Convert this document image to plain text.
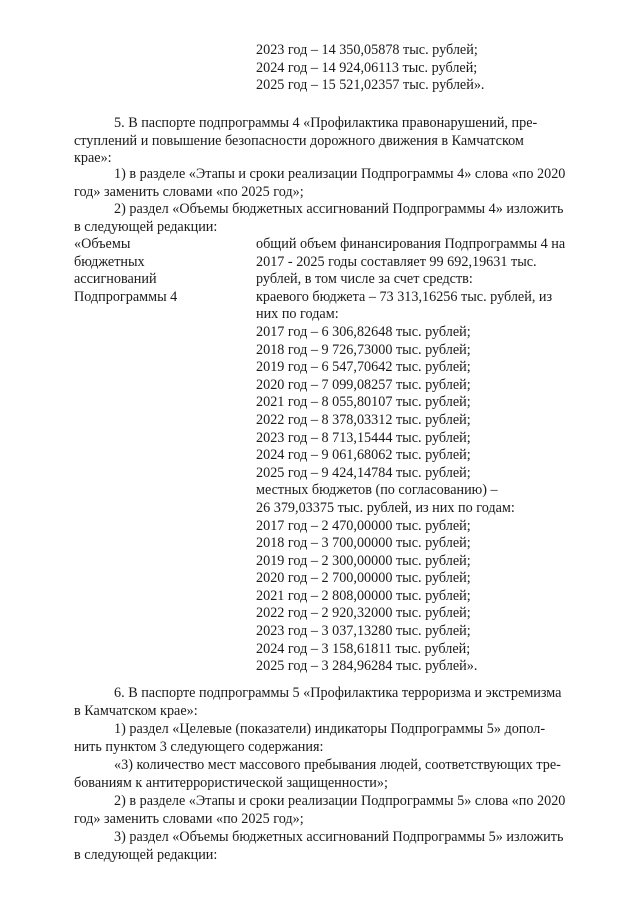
2023 год – 14 350,05878 тыс. рублей;
2024 год – 14 924,06113 тыс. рублей;
2025 год – 15 521,02357 тыс. рублей».
5. В паспорте подпрограммы 4 «Профилактика правонарушений, пре-
ступлений и повышение безопасности дорожного движения в Камчатском
крае»:
1) в разделе «Этапы и сроки реализации Подпрограммы 4» слова «по 2020
год» заменить словами «по 2025 год»;
2) раздел «Объемы бюджетных ассигнований Подпрограммы 4» изложить
в следующей редакции:
«Объемы
бюджетных
ассигнований
Подпрограммы 4
общий объем финансирования Подпрограммы 4 на
2017 - 2025 годы составляет 99 692,19631 тыс.
рублей, в том числе за счет средств:
краевого бюджета – 73 313,16256 тыс. рублей, из
них по годам:
2017 год – 6 306,82648 тыс. рублей;
2018 год – 9 726,73000 тыс. рублей;
2019 год – 6 547,70642 тыс. рублей;
2020 год – 7 099,08257 тыс. рублей;
2021 год – 8 055,80107 тыс. рублей;
2022 год – 8 378,03312 тыс. рублей;
2023 год – 8 713,15444 тыс. рублей;
2024 год – 9 061,68062 тыс. рублей;
2025 год – 9 424,14784 тыс. рублей;
местных бюджетов (по согласованию) –
26 379,03375 тыс. рублей, из них по годам:
2017 год – 2 470,00000 тыс. рублей;
2018 год – 3 700,00000 тыс. рублей;
2019 год – 2 300,00000 тыс. рублей;
2020 год – 2 700,00000 тыс. рублей;
2021 год – 2 808,00000 тыс. рублей;
2022 год – 2 920,32000 тыс. рублей;
2023 год – 3 037,13280 тыс. рублей;
2024 год – 3 158,61811 тыс. рублей;
2025 год – 3 284,96284 тыс. рублей».
6. В паспорте подпрограммы 5 «Профилактика терроризма и экстремизма
в Камчатском крае»:
1) раздел «Целевые (показатели) индикаторы Подпрограммы 5» допол-
нить пунктом 3 следующего содержания:
«3) количество мест массового пребывания людей, соответствующих тре-
бованиям к антитеррористической защищенности»;
2) в разделе «Этапы и сроки реализации Подпрограммы 5» слова «по 2020
год» заменить словами «по 2025 год»;
3) раздел «Объемы бюджетных ассигнований Подпрограммы 5» изложить
в следующей редакции:
